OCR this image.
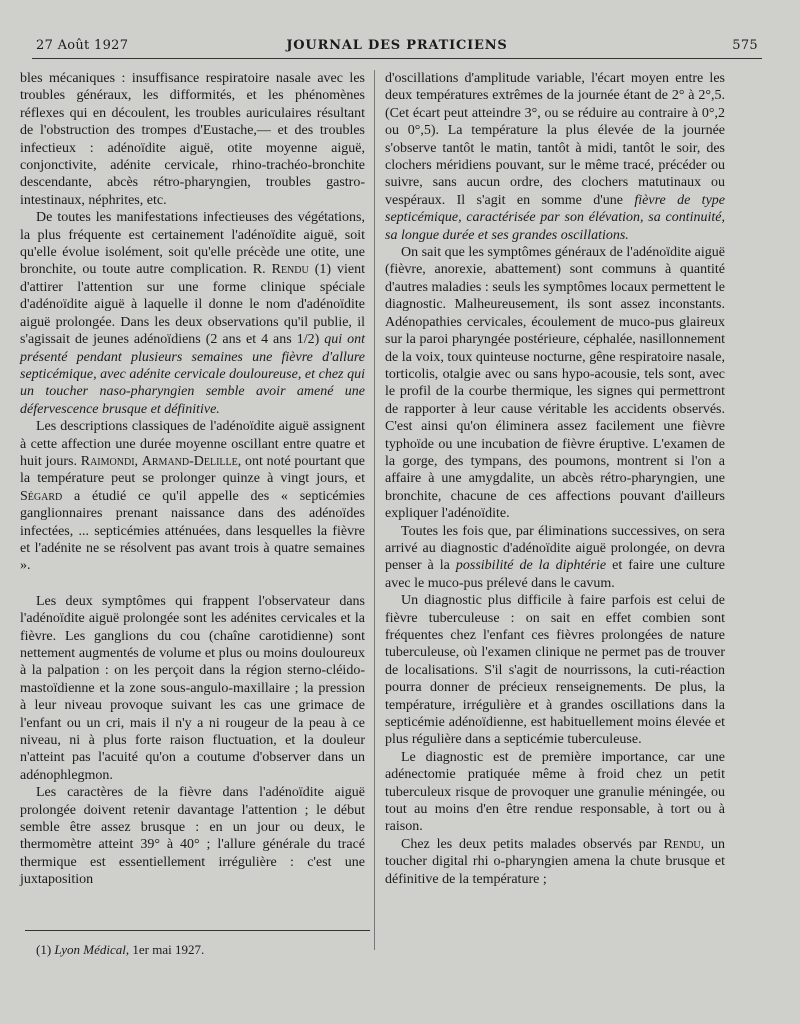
27 Août 1927	JOURNAL DES PRATICIENS	575

bles mécaniques : insuffisance respiratoire nasale avec les troubles généraux, les difformités, et les phénomènes réflexes qui en découlent, les troubles auriculaires résultant de l'obstruction des trompes d'Eustache,— et des troubles infectieux : adénoïdite aiguë, otite moyenne aiguë, conjonctivite, adénite cervicale, rhino-trachéo-bronchite descendante, abcès rétro-pharyngien, troubles gastro-intestinaux, néphrites, etc.

De toutes les manifestations infectieuses des végétations, la plus fréquente est certainement l'adénoïdite aiguë, soit qu'elle évolue isolément, soit qu'elle précède une otite, une bronchite, ou toute autre complication. R. Rendu (1) vient d'attirer l'attention sur une forme clinique spéciale d'adénoïdite aiguë à laquelle il donne le nom d'adénoïdite aiguë prolongée. Dans les deux observations qu'il publie, il s'agissait de jeunes adénoïdiens (2 ans et 4 ans 1/2) qui ont présenté pendant plusieurs semaines une fièvre d'allure septicémique, avec adénite cervicale douloureuse, et chez qui un toucher naso-pharyngien semble avoir amené une défervescence brusque et définitive.

Les descriptions classiques de l'adénoïdite aiguë assignent à cette affection une durée moyenne oscillant entre quatre et huit jours. Raimondi, Armand-Delille, ont noté pourtant que la température peut se prolonger quinze à vingt jours, et Ségard a étudié ce qu'il appelle des « septicémies ganglionnaires prenant naissance dans des adénoïdes infectées, ... septicémies atténuées, dans lesquelles la fièvre et l'adénite ne se résolvent pas avant trois à quatre semaines ».

Les deux symptômes qui frappent l'observateur dans l'adénoïdite aiguë prolongée sont les adénites cervicales et la fièvre. Les ganglions du cou (chaîne carotidienne) sont nettement augmentés de volume et plus ou moins douloureux à la palpation : on les perçoit dans la région sterno-cléido-mastoïdienne et la zone sous-angulo-maxillaire ; la pression à leur niveau provoque suivant les cas une grimace de l'enfant ou un cri, mais il n'y a ni rougeur de la peau à ce niveau, ni à plus forte raison fluctuation, et la douleur n'atteint pas l'acuité qu'on a coutume d'observer dans un adénophlegmon.

Les caractères de la fièvre dans l'adénoïdite aiguë prolongée doivent retenir davantage l'attention ; le début semble être assez brusque : en un jour ou deux, le thermomètre atteint 39° à 40° ; l'allure générale du tracé thermique est essentiellement irrégulière : c'est une juxtaposition

d'oscillations d'amplitude variable, l'écart moyen entre les deux températures extrêmes de la journée étant de 2° à 2°,5. (Cet écart peut atteindre 3°, ou se réduire au contraire à 0°,2 ou 0°,5). La température la plus élevée de la journée s'observe tantôt le matin, tantôt à midi, tantôt le soir, des clochers méridiens pouvant, sur le même tracé, précéder ou suivre, sans aucun ordre, des clochers matutinaux ou vespéraux. Il s'agit en somme d'une fièvre de type septicémique, caractérisée par son élévation, sa continuité, sa longue durée et ses grandes oscillations.

On sait que les symptômes généraux de l'adénoïdite aiguë (fièvre, anorexie, abattement) sont communs à quantité d'autres maladies : seuls les symptômes locaux permettent le diagnostic. Malheureusement, ils sont assez inconstants. Adénopathies cervicales, écoulement de muco-pus glaireux sur la paroi pharyngée postérieure, céphalée, nasillonnement de la voix, toux quinteuse nocturne, gêne respiratoire nasale, torticolis, otalgie avec ou sans hypo-acousie, tels sont, avec le profil de la courbe thermique, les signes qui permettront de rapporter à leur cause véritable les accidents observés. C'est ainsi qu'on éliminera assez facilement une fièvre typhoïde ou une incubation de fièvre éruptive. L'examen de la gorge, des tympans, des poumons, montrent si l'on a affaire à une amygdalite, un abcès rétro-pharyngien, une bronchite, chacune de ces affections pouvant d'ailleurs expliquer l'adénoïdite.

Toutes les fois que, par éliminations successives, on sera arrivé au diagnostic d'adénoïdite aiguë prolongée, on devra penser à la possibilité de la diphtérie et faire une culture avec le muco-pus prélevé dans le cavum.

Un diagnostic plus difficile à faire parfois est celui de fièvre tuberculeuse : on sait en effet combien sont fréquentes chez l'enfant ces fièvres prolongées de nature tuberculeuse, où l'examen clinique ne permet pas de trouver de localisations. S'il s'agit de nourrissons, la cuti-réaction pourra donner de précieux renseignements. De plus, la température, irrégulière et à grandes oscillations dans la septicémie adénoïdienne, est habituellement moins élevée et plus régulière dans a septicémie tuberculeuse.

Le diagnostic est de première importance, car une adénectomie pratiquée même à froid chez un petit tuberculeux risque de provoquer une granulie méningée, ou tout au moins d'en être rendue responsable, à tort ou à raison.

Chez les deux petits malades observés par Rendu, un toucher digital rhi o-pharyngien amena la chute brusque et définitive de la température ;

(1) Lyon Médical, 1er mai 1927.
